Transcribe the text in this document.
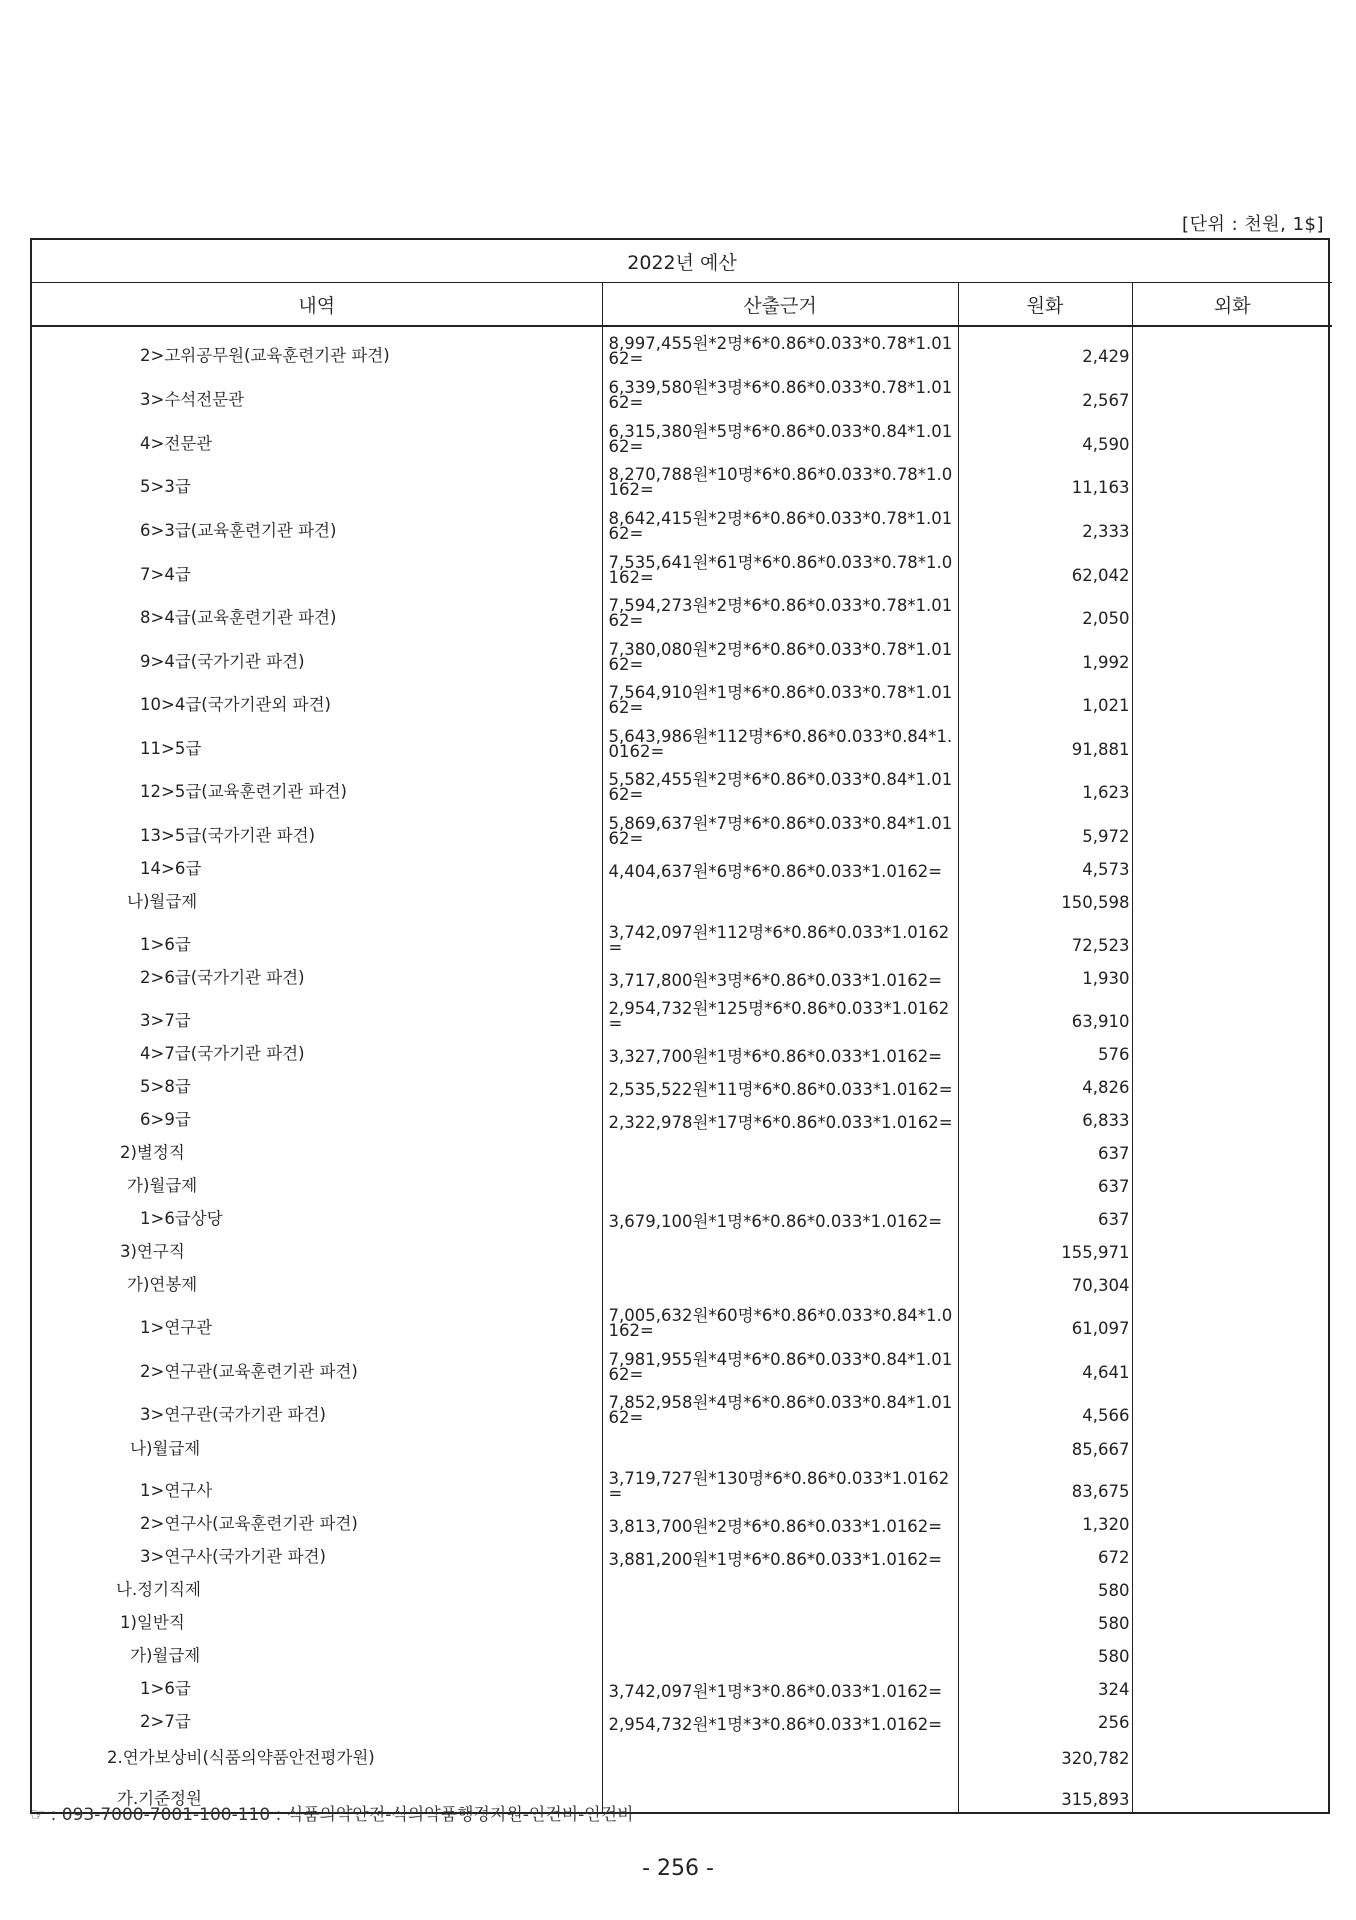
[단위 : 천원, 1$]
2022년 예산			
내역	산출근거	원화	외화
2>고위공무원(교육훈련기관 파견)	8,997,455원*2명*6*0.86*0.033*0.78*1.0162=	2,429	
3>수석전문관	6,339,580원*3명*6*0.86*0.033*0.78*1.0162=	2,567	
4>전문관	6,315,380원*5명*6*0.86*0.033*0.84*1.0162=	4,590	
5>3급	8,270,788원*10명*6*0.86*0.033*0.78*1.0162=	11,163	
6>3급(교육훈련기관 파견)	8,642,415원*2명*6*0.86*0.033*0.78*1.0162=	2,333	
7>4급	7,535,641원*61명*6*0.86*0.033*0.78*1.0162=	62,042	
8>4급(교육훈련기관 파견)	7,594,273원*2명*6*0.86*0.033*0.78*1.0162=	2,050	
9>4급(국가기관 파견)	7,380,080원*2명*6*0.86*0.033*0.78*1.0162=	1,992	
10>4급(국가기관외 파견)	7,564,910원*1명*6*0.86*0.033*0.78*1.0162=	1,021	
11>5급	5,643,986원*112명*6*0.86*0.033*0.84*1.0162=	91,881	
12>5급(교육훈련기관 파견)	5,582,455원*2명*6*0.86*0.033*0.84*1.0162=	1,623	
13>5급(국가기관 파견)	5,869,637원*7명*6*0.86*0.033*0.84*1.0162=	5,972	
14>6급	4,404,637원*6명*6*0.86*0.033*1.0162=	4,573	
나)월급제		150,598	
1>6급	3,742,097원*112명*6*0.86*0.033*1.0162=	72,523	
2>6급(국가기관 파견)	3,717,800원*3명*6*0.86*0.033*1.0162=	1,930	
3>7급	2,954,732원*125명*6*0.86*0.033*1.0162=	63,910	
4>7급(국가기관 파견)	3,327,700원*1명*6*0.86*0.033*1.0162=	576	
5>8급	2,535,522원*11명*6*0.86*0.033*1.0162=	4,826	
6>9급	2,322,978원*17명*6*0.86*0.033*1.0162=	6,833	
2)별정직		637	
가)월급제		637	
1>6급상당	3,679,100원*1명*6*0.86*0.033*1.0162=	637	
3)연구직		155,971	
가)연봉제		70,304	
1>연구관	7,005,632원*60명*6*0.86*0.033*0.84*1.0162=	61,097	
2>연구관(교육훈련기관 파견)	7,981,955원*4명*6*0.86*0.033*0.84*1.0162=	4,641	
3>연구관(국가기관 파견)	7,852,958원*4명*6*0.86*0.033*0.84*1.0162=	4,566	
나)월급제		85,667	
1>연구사	3,719,727원*130명*6*0.86*0.033*1.0162=	83,675	
2>연구사(교육훈련기관 파견)	3,813,700원*2명*6*0.86*0.033*1.0162=	1,320	
3>연구사(국가기관 파견)	3,881,200원*1명*6*0.86*0.033*1.0162=	672	
나.정기직제		580	
1)일반직		580	
가)월급제		580	
1>6급	3,742,097원*1명*3*0.86*0.033*1.0162=	324	
2>7급	2,954,732원*1명*3*0.86*0.033*1.0162=	256	
2.연가보상비(식품의약품안전평가원)		320,782	
가.기준정원		315,893	
☞ : 093-7000-7001-100-110 : 식품의약안전-식의약품행정지원-인건비-인건비
- 256 -
